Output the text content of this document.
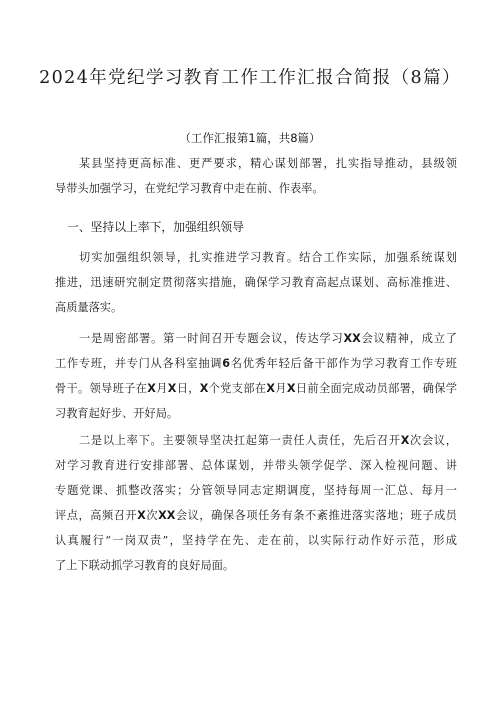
2024年党纪学习教育工作工作汇报合简报（8篇）
（工作汇报第1篇，共8篇）
某县坚持更高标准、更严要求，精心谋划部署，扎实指导推动，县级领
导带头加强学习，在党纪学习教育中走在前、作表率。
一、坚持以上率下，加强组织领导
切实加强组织领导，扎实推进学习教育。结合工作实际，加强系统谋划
推进，迅速研究制定贯彻落实措施，确保学习教育高起点谋划、高标准推进、
高质量落实。
一是周密部署。第一时间召开专题会议，传达学习XX会议精神，成立了
工作专班，并专门从各科室抽调6名优秀年轻后备干部作为学习教育工作专班
骨干。领导班子在X月X日，X个党支部在X月X日前全面完成动员部署，确保学
习教育起好步、开好局。
二是以上率下。主要领导坚决扛起第一责任人责任，先后召开X次会议，
对学习教育进行安排部署、总体谋划，并带头领学促学、深入检视问题、讲
专题党课、抓整改落实；分管领导同志定期调度，坚持每周一汇总、每月一
评点，高频召开X次XX会议，确保各项任务有条不紊推进落实落地；班子成员
认真履行“一岗双责”，坚持学在先、走在前，以实际行动作好示范，形成
了上下联动抓学习教育的良好局面。
